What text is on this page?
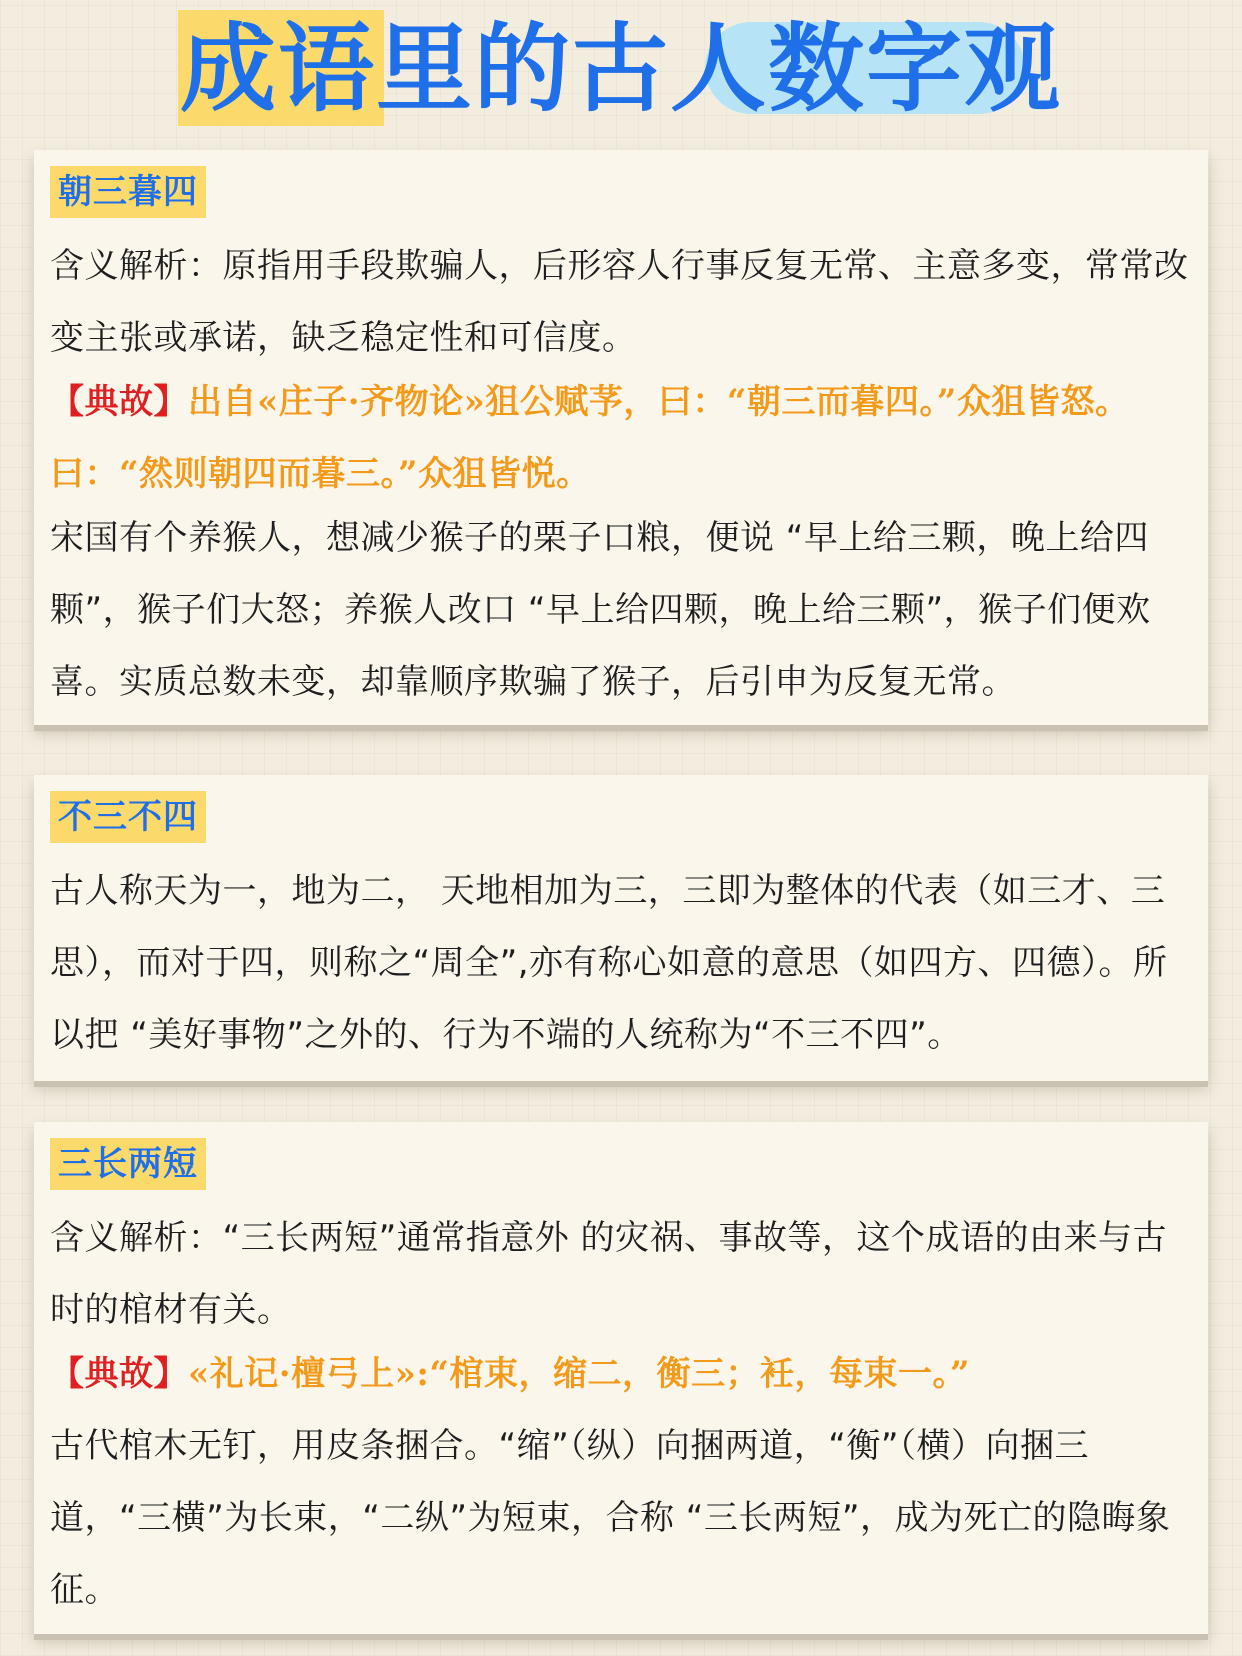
成语里的古人数字观
朝三暮四

含义解析：原指用手段欺骗人，后形容人行事反复无常、主意多变，常常改变主张或承诺，缺乏稳定性和可信度。

【典故】出自«庄子·齐物论»狙公赋芧，曰：“朝三而暮四。”众狙皆怒。曰：“然则朝四而暮三。”众狙皆悦。

宋国有个养猴人，想减少猴子的栗子口粮，便说 “早上给三颗，晚上给四颗”，猴子们大怒；养猴人改口 “早上给四颗，晚上给三颗”，猴子们便欢喜。实质总数未变，却靠顺序欺骗了猴子，后引申为反复无常。

不三不四

古人称天为一，地为二， 天地相加为三，三即为整体的代表（如三才、三思），而对于四，则称之“周全”,亦有称心如意的意思（如四方、四德）。所以把 “美好事物”之外的、行为不端的人统称为“不三不四”。

三长两短

含义解析：“三长两短”通常指意外 的灾祸、事故等，这个成语的由来与古时的棺材有关。

【典故】«礼记·檀弓上»:“棺束，缩二，衡三；衽，每束一。”

古代棺木无钉，用皮条捆合。“缩”（纵）向捆两道，“衡”（横）向捆三道，“三横”为长束，“二纵”为短束，合称 “三长两短”，成为死亡的隐晦象征。
